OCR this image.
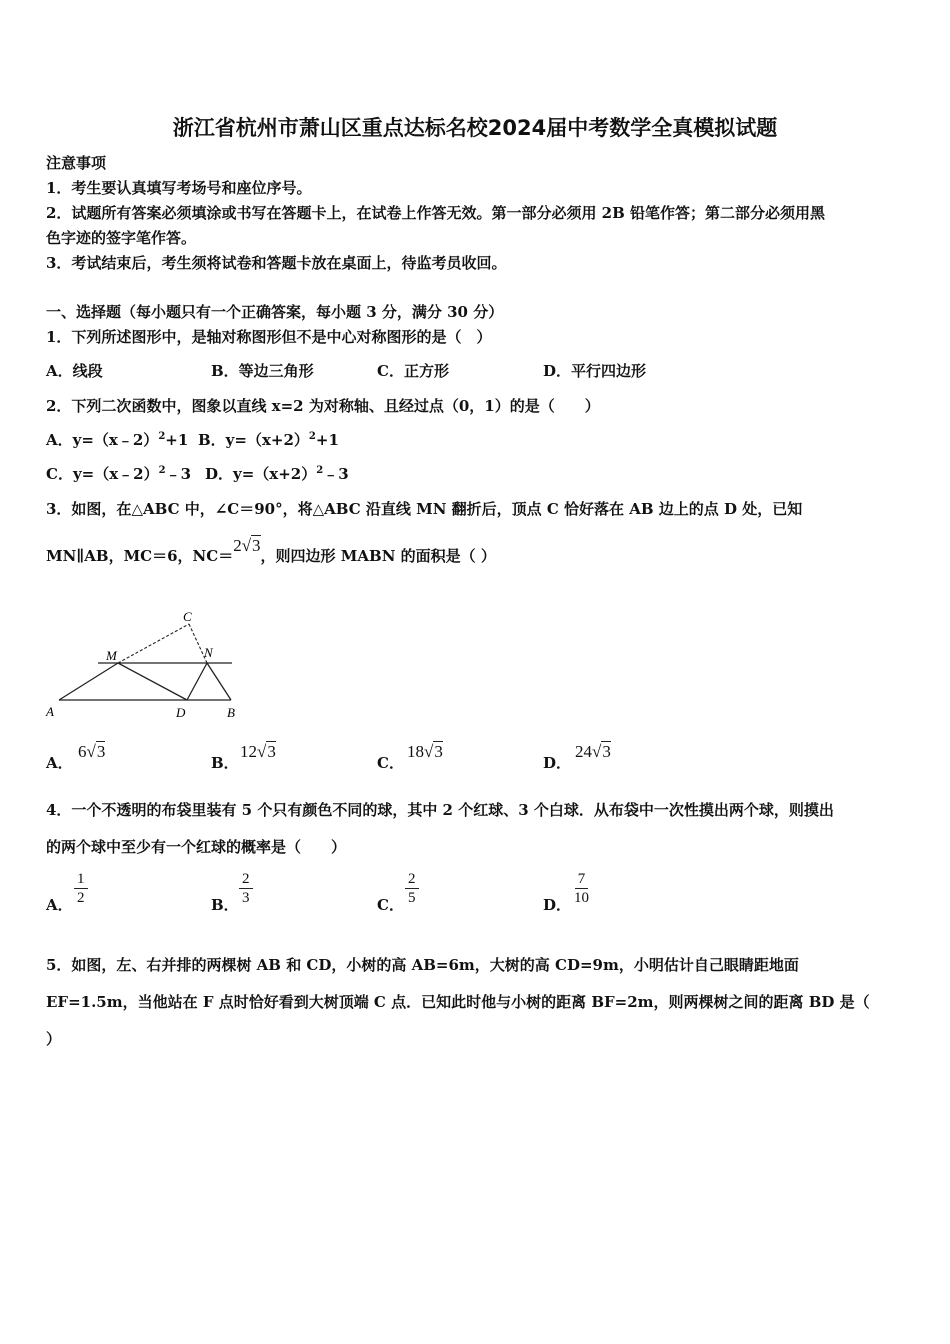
浙江省杭州市萧山区重点达标名校2024届中考数学全真模拟试题
注意事项
1．考生要认真填写考场号和座位序号。
2．试题所有答案必须填涂或书写在答题卡上，在试卷上作答无效。第一部分必须用 2B 铅笔作答；第二部分必须用黑
色字迹的签字笔作答。
3．考试结束后，考生须将试卷和答题卡放在桌面上，待监考员收回。
一、选择题（每小题只有一个正确答案，每小题 3 分，满分 30 分）
1．下列所述图形中，是轴对称图形但不是中心对称图形的是（　）
A．线段	B．等边三角形	C．正方形	D．平行四边形
2．下列二次函数中，图象以直线 x=2 为对称轴、且经过点（0，1）的是（　　）
A．y=（x﹣2）$^2$+1 B．$y=(x+2)^2+1$
C．y=（x﹣2）$^2$﹣3 D．$y=(x+2)^2﹣3$
3．如图，在△ABC 中，∠C＝90°，将△ABC 沿直线 MN 翻折后，顶点 C 恰好落在 AB 边上的点 D 处，已知
MN∥AB，MC＝6，NC＝2√3，则四边形 MABN 的面积是（ ）
C
M	N
A	D	B
A．
6√3
B．
12√3
C．
18√3
D．
24√3
4．一个不透明的布袋里装有 5 个只有颜色不同的球，其中 2 个红球、3 个白球．从布袋中一次性摸出两个球，则摸出
的两个球中至少有一个红球的概率是（　　）
A． $\frac{1}{2}$	B． $\frac{2}{3}$	C． $\frac{2}{5}$	D． $\frac{7}{10}$
5．如图，左、右并排的两棵树 AB 和 CD，小树的高 AB=6m，大树的高 CD=9m，小明估计自己眼睛距地面
EF=1.5m，当他站在 F 点时恰好看到大树顶端 C 点．已知此时他与小树的距离 BF=2m，则两棵树之间的距离 BD 是（
）
